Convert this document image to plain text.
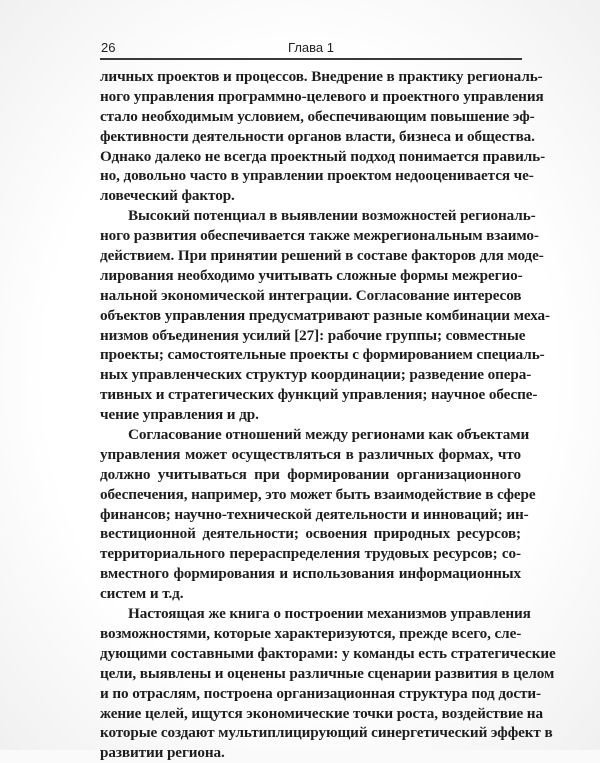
26	Глава 1
личных проектов и процессов. Внедрение в практику региональ-
ного управления программно-целевого и проектного управления
стало необходимым условием, обеспечивающим повышение эф-
фективности деятельности органов власти, бизнеса и общества.
Однако далеко не всегда проектный подход понимается правиль-
но, довольно часто в управлении проектом недооценивается че-
ловеческий фактор.
Высокий потенциал в выявлении возможностей региональ-
ного развития обеспечивается также межрегиональным взаимо-
действием. При принятии решений в составе факторов для моде-
лирования необходимо учитывать сложные формы межрегио-
нальной экономической интеграции. Согласование интересов
объектов управления предусматривают разные комбинации меха-
низмов объединения усилий [27]: рабочие группы; совместные
проекты; самостоятельные проекты с формированием специаль-
ных управленческих структур координации; разведение опера-
тивных и стратегических функций управления; научное обеспе-
чение управления и др.
Согласование отношений между регионами как объектами
управления может осуществляться в различных формах, что
должно учитываться при формировании организационного
обеспечения, например, это может быть взаимодействие в сфере
финансов; научно-технической деятельности и инноваций; ин-
вестиционной деятельности; освоения природных ресурсов;
территориального перераспределения трудовых ресурсов; со-
вместного формирования и использования информационных
систем и т.д.
Настоящая же книга о построении механизмов управления
возможностями, которые характеризуются, прежде всего, сле-
дующими составными факторами: у команды есть стратегические
цели, выявлены и оценены различные сценарии развития в целом
и по отраслям, построена организационная структура под дости-
жение целей, ищутся экономические точки роста, воздействие на
которые создают мультиплицирующий синергетический эффект в
развитии региона.
